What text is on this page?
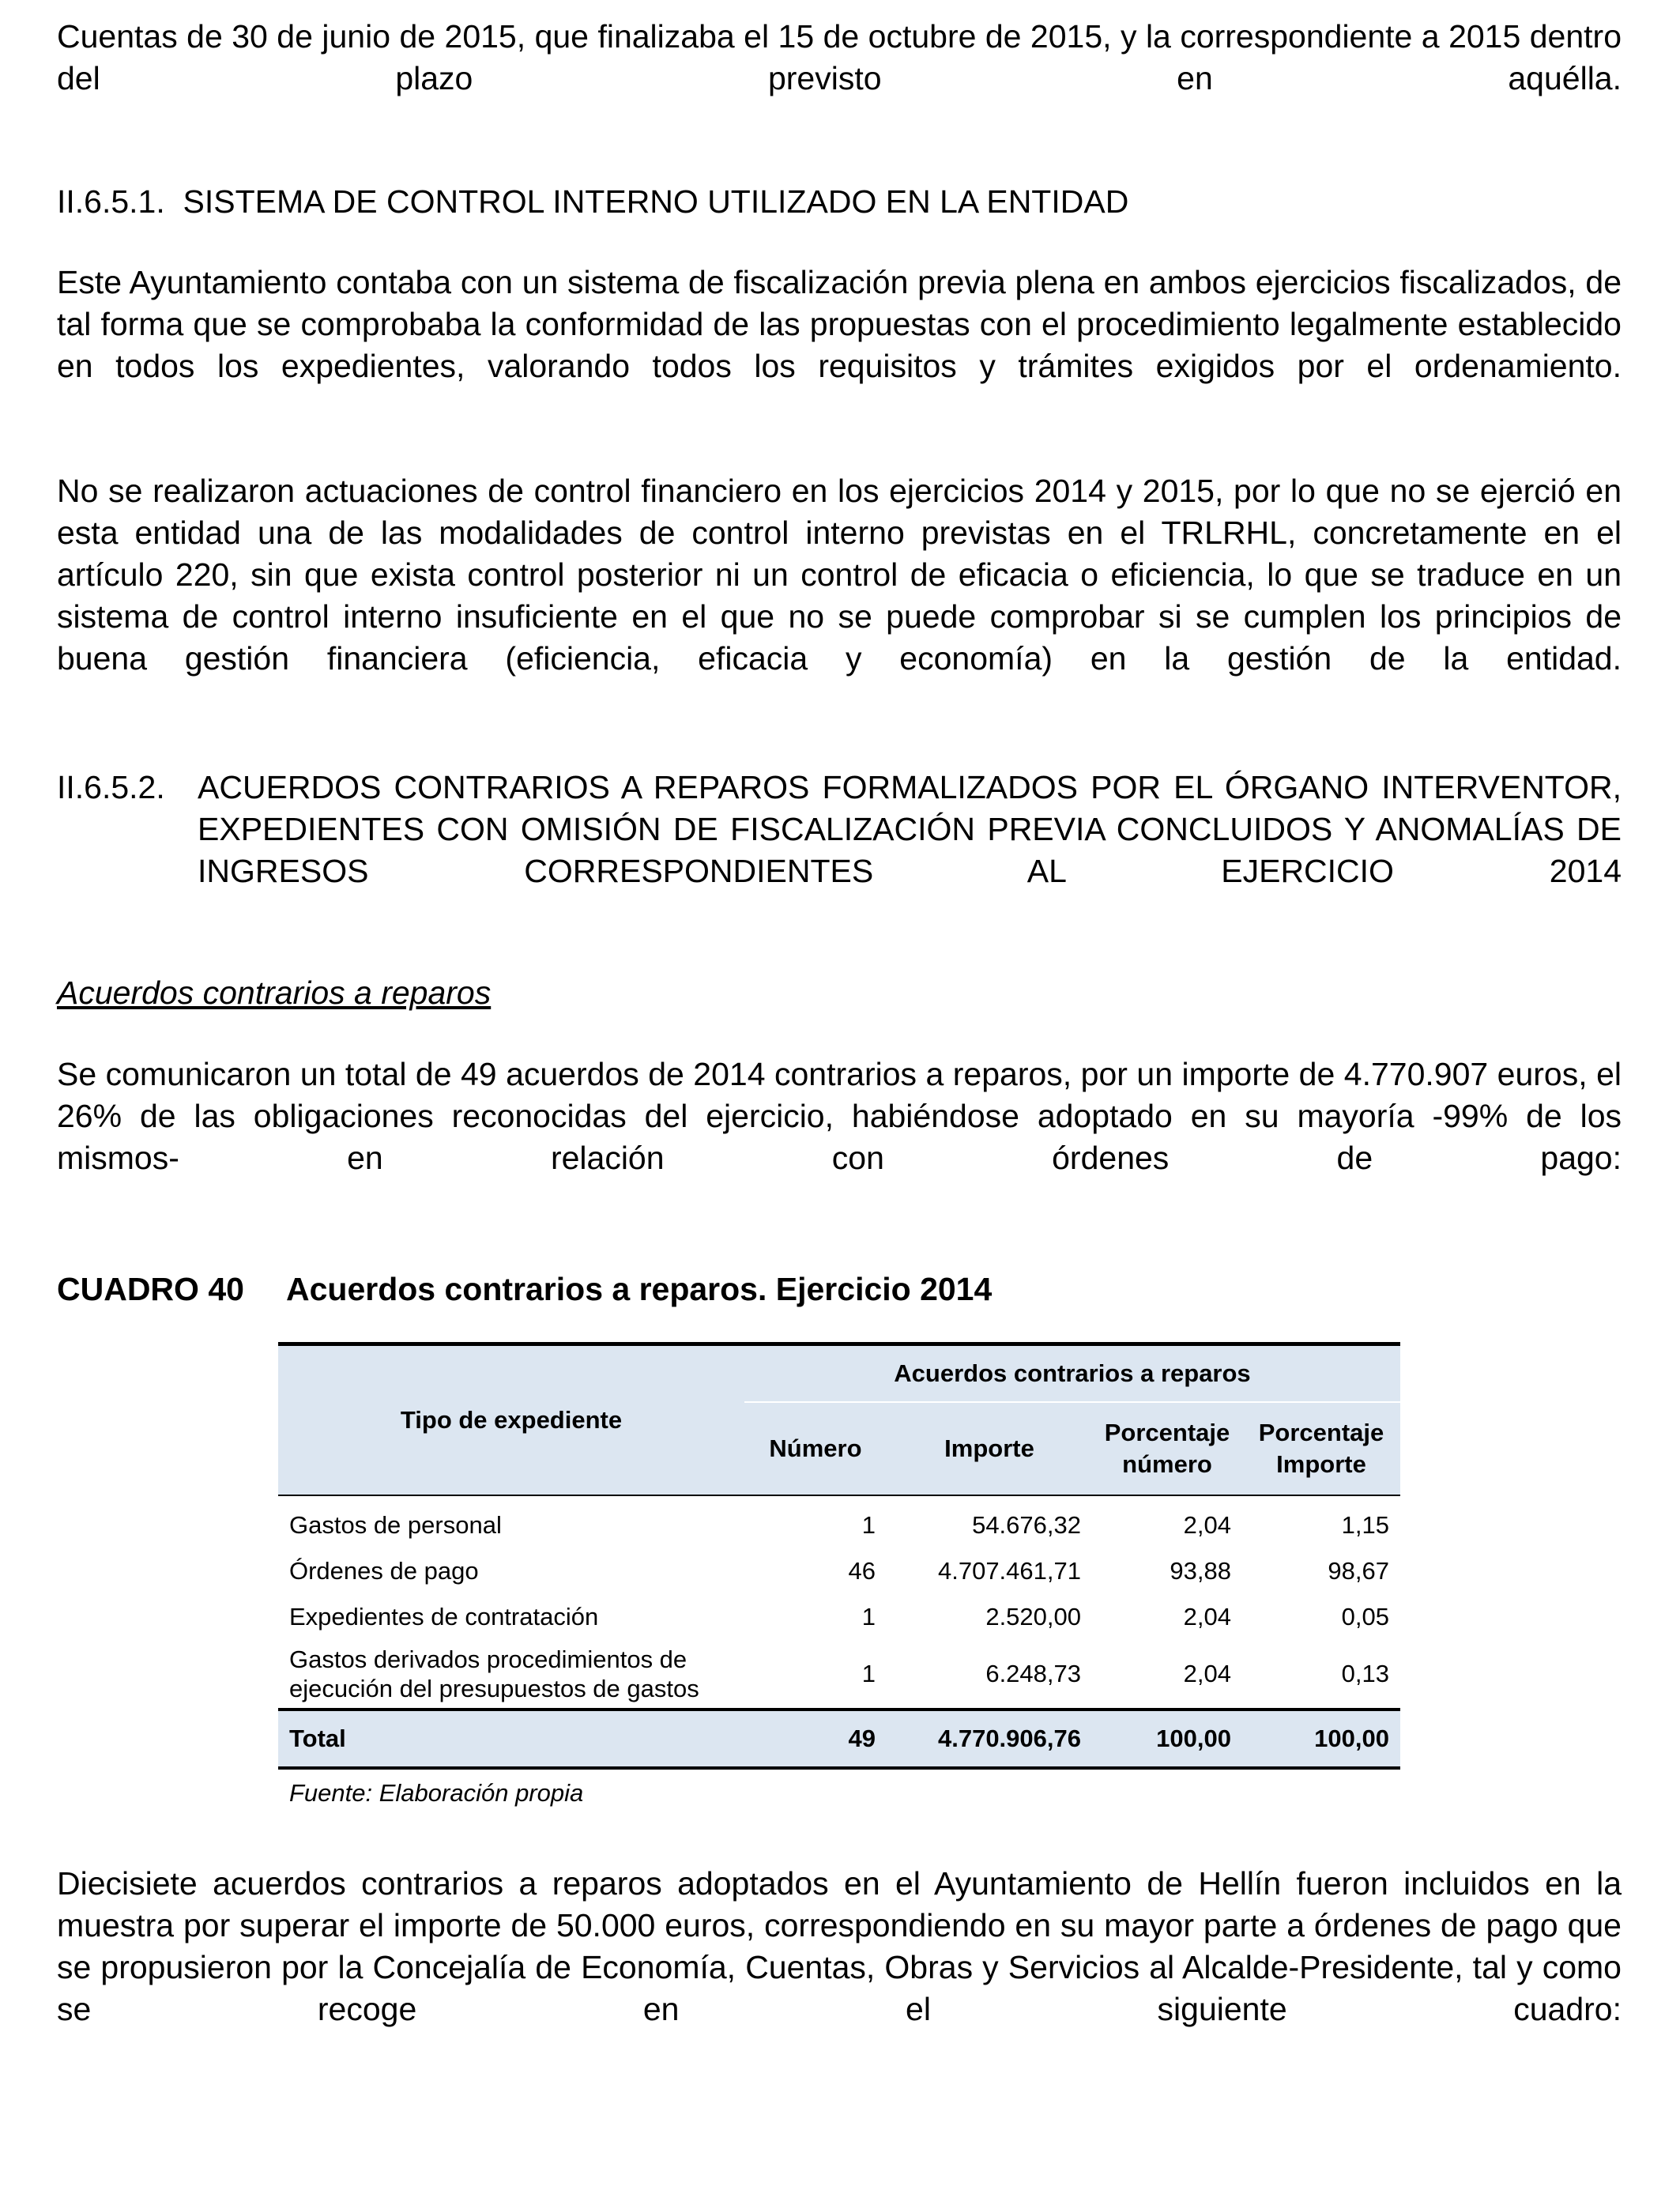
Cuentas de 30 de junio de 2015, que finalizaba el 15 de octubre de 2015, y la correspondiente a 2015 dentro del plazo previsto en aquélla.

II.6.5.1.  SISTEMA DE CONTROL INTERNO UTILIZADO EN LA ENTIDAD

Este Ayuntamiento contaba con un sistema de fiscalización previa plena en ambos ejercicios fiscalizados, de tal forma que se comprobaba la conformidad de las propuestas con el procedimiento legalmente establecido en todos los expedientes, valorando todos los requisitos y trámites exigidos por el ordenamiento.

No se realizaron actuaciones de control financiero en los ejercicios 2014 y 2015, por lo que no se ejerció en esta entidad una de las modalidades de control interno previstas en el TRLRHL, concretamente en el artículo 220, sin que exista control posterior ni un control de eficacia o eficiencia, lo que se traduce en un sistema de control interno insuficiente en el que no se puede comprobar si se cumplen los principios de buena gestión financiera (eficiencia, eficacia y economía) en la gestión de la entidad.

II.6.5.2.	ACUERDOS CONTRARIOS A REPAROS FORMALIZADOS POR EL ÓRGANO INTERVENTOR, EXPEDIENTES CON OMISIÓN DE FISCALIZACIÓN PREVIA CONCLUIDOS Y ANOMALÍAS DE INGRESOS CORRESPONDIENTES AL EJERCICIO 2014

Acuerdos contrarios a reparos

Se comunicaron un total de 49 acuerdos de 2014 contrarios a reparos, por un importe de 4.770.907 euros, el 26% de las obligaciones reconocidas del ejercicio, habiéndose adoptado en su mayoría -99% de los mismos- en relación con órdenes de pago:

CUADRO 40	Acuerdos contrarios a reparos. Ejercicio 2014
Tipo de expediente	Acuerdos contrarios a reparos			
	Número	Importe	Porcentaje número	Porcentaje Importe
Gastos de personal	1	54.676,32	2,04	1,15
Órdenes de pago	46	4.707.461,71	93,88	98,67
Expedientes de contratación	1	2.520,00	2,04	0,05
Gastos derivados procedimientos de ejecución del presupuestos de gastos	1	6.248,73	2,04	0,13
Total	49	4.770.906,76	100,00	100,00

Fuente: Elaboración propia

Diecisiete acuerdos contrarios a reparos adoptados en el Ayuntamiento de Hellín fueron incluidos en la muestra por superar el importe de 50.000 euros, correspondiendo en su mayor parte a órdenes de pago que se propusieron por la Concejalía de Economía, Cuentas, Obras y Servicios al Alcalde-Presidente, tal y como se recoge en el siguiente cuadro:
